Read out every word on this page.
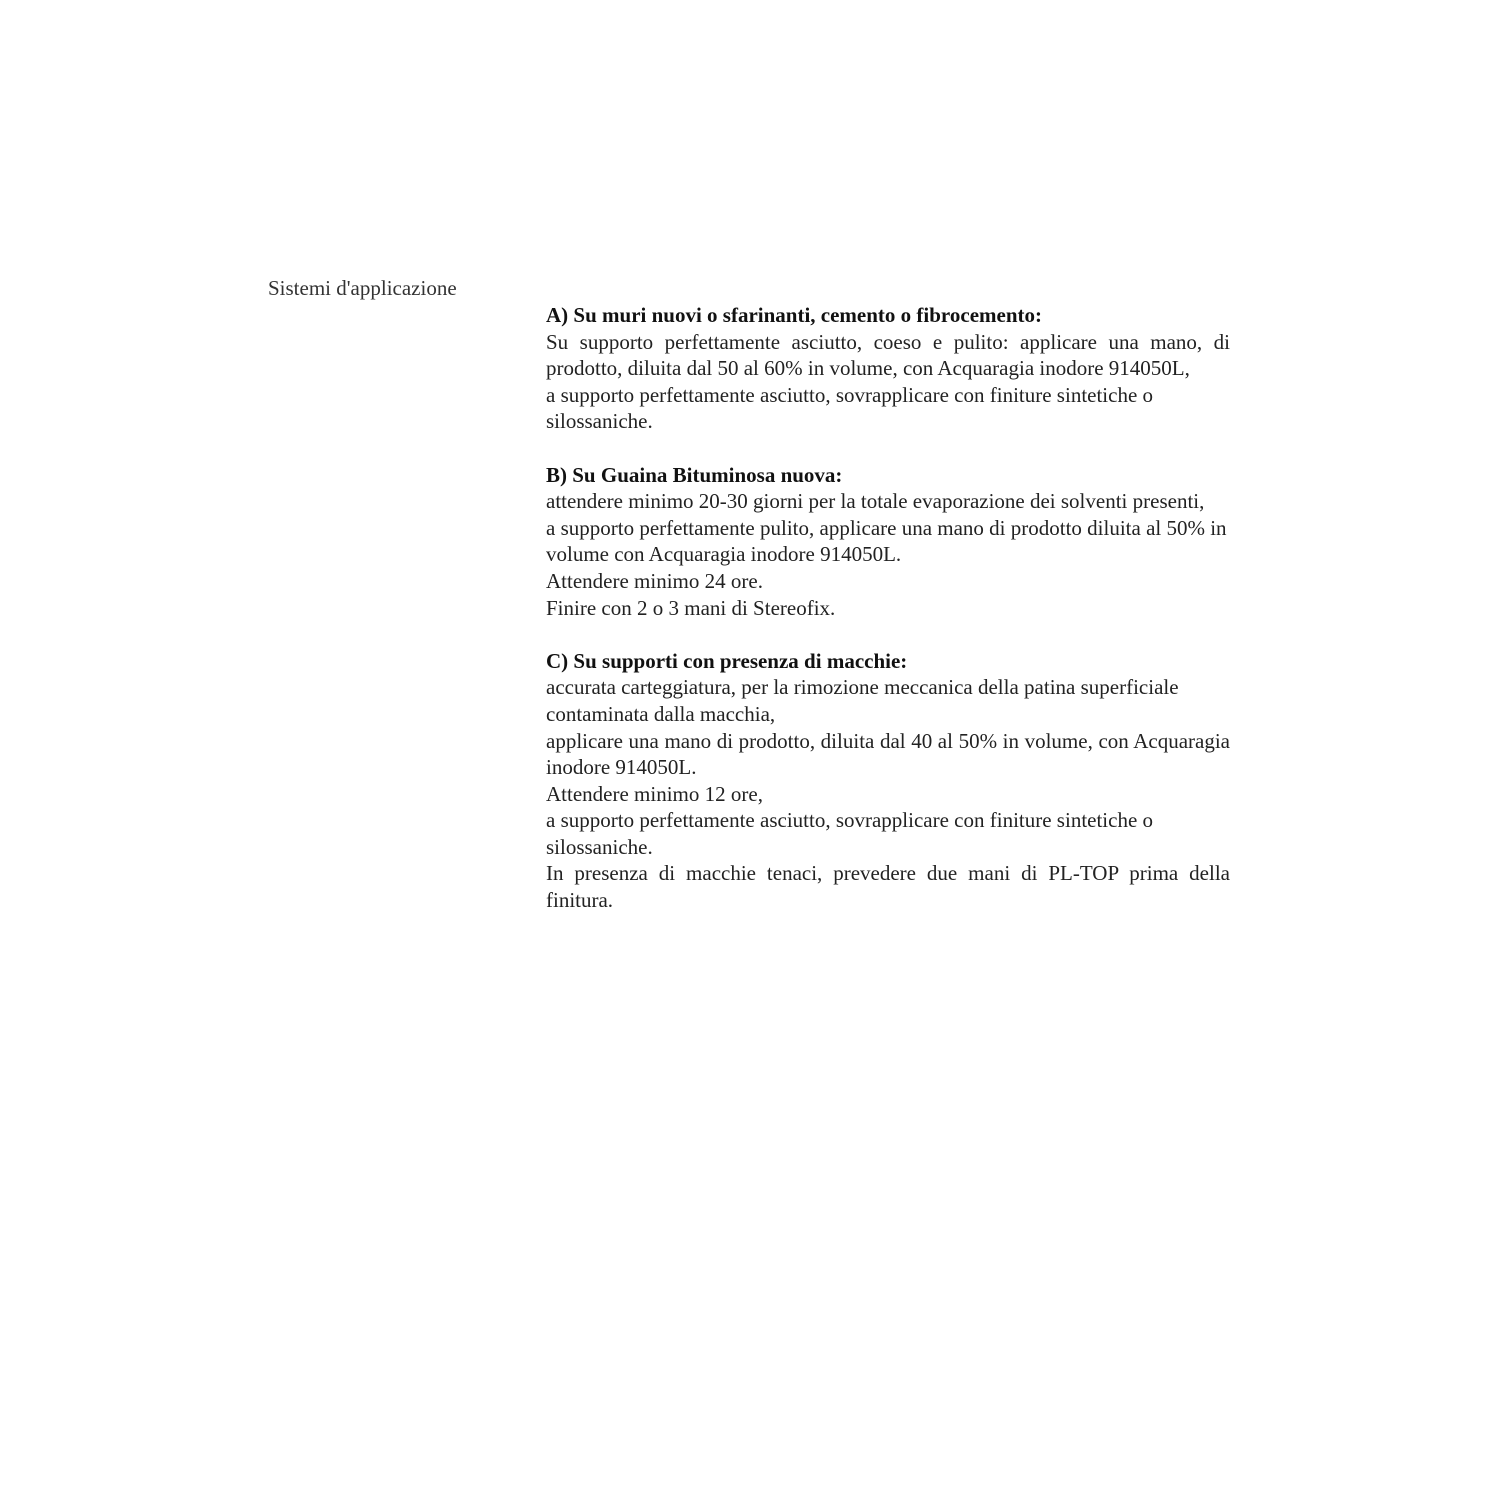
Sistemi d'applicazione
A) Su muri nuovi o sfarinanti, cemento o fibrocemento:
Su supporto perfettamente asciutto, coeso e pulito: applicare una mano, di prodotto, diluita dal 50 al 60% in volume, con Acquaragia inodore 914050L,
a supporto perfettamente asciutto, sovrapplicare con finiture sintetiche o silossaniche.
B) Su Guaina Bituminosa nuova:
attendere minimo 20-30 giorni per la totale evaporazione dei solventi presenti,
a supporto perfettamente pulito, applicare una mano di prodotto diluita al 50% in volume con Acquaragia inodore 914050L.
Attendere minimo 24 ore.
Finire con 2 o 3 mani di Stereofix.
C) Su supporti con presenza di macchie:
accurata carteggiatura, per la rimozione meccanica della patina superficiale contaminata dalla macchia,
applicare una mano di prodotto, diluita dal 40 al 50% in volume, con Acquaragia inodore 914050L.
Attendere minimo 12 ore,
a supporto perfettamente asciutto, sovrapplicare con finiture sintetiche o silossaniche.
In presenza di macchie tenaci, prevedere due mani di PL-TOP prima della finitura.
